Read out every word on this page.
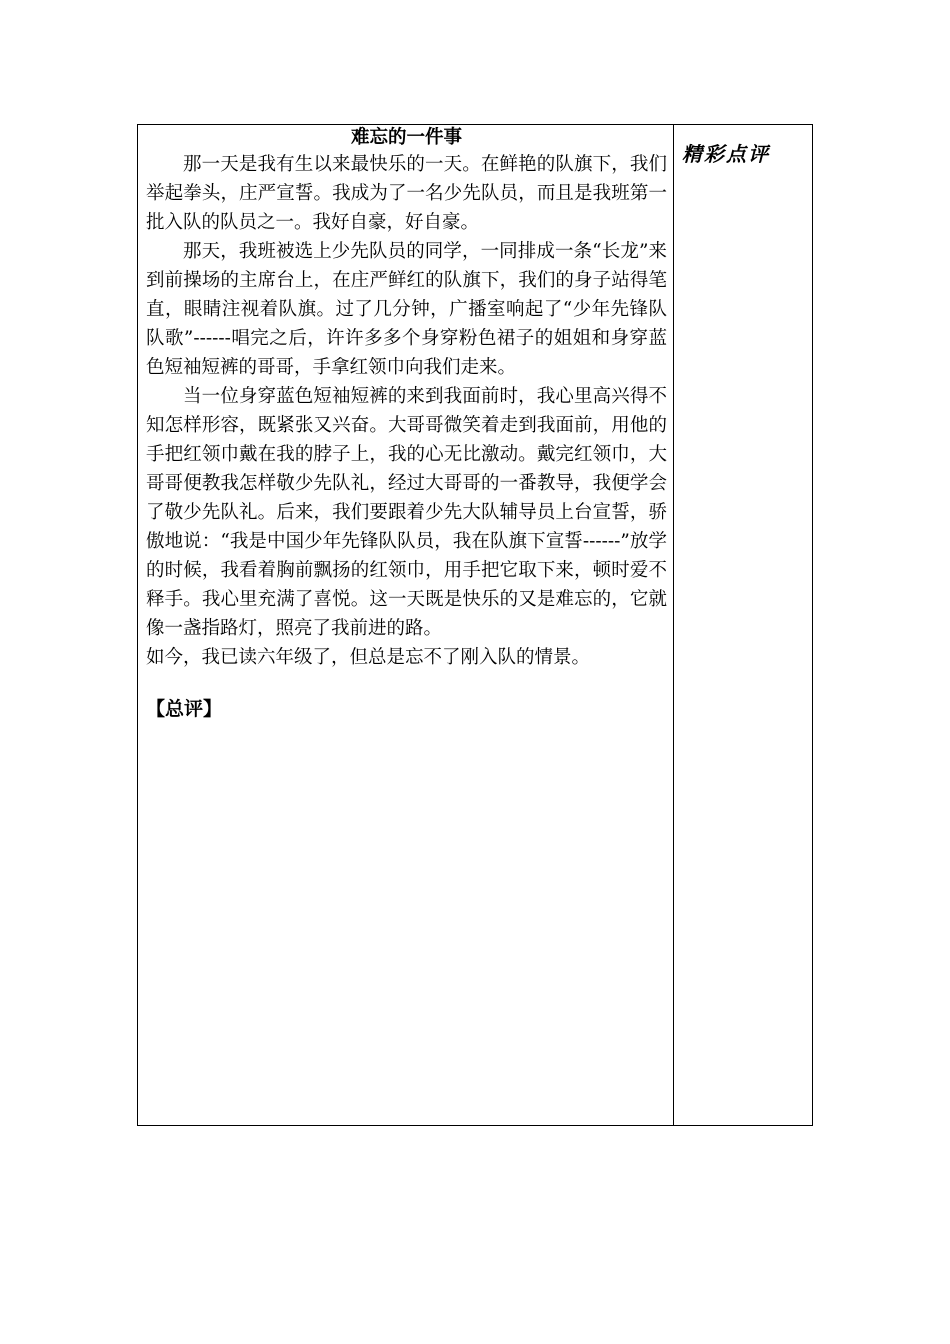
难忘的一件事

那一天是我有生以来最快乐的一天。在鲜艳的队旗下，我们举起拳头，庄严宣誓。我成为了一名少先队员，而且是我班第一批入队的队员之一。我好自豪，好自豪。

那天，我班被选上少先队员的同学，一同排成一条“长龙”来到前操场的主席台上，在庄严鲜红的队旗下，我们的身子站得笔直，眼睛注视着队旗。过了几分钟，广播室响起了“少年先锋队队歌”------唱完之后，许许多多个身穿粉色裙子的姐姐和身穿蓝色短袖短裤的哥哥，手拿红领巾向我们走来。

当一位身穿蓝色短袖短裤的来到我面前时，我心里高兴得不知怎样形容，既紧张又兴奋。大哥哥微笑着走到我面前，用他的手把红领巾戴在我的脖子上，我的心无比激动。戴完红领巾，大哥哥便教我怎样敬少先队礼，经过大哥哥的一番教导，我便学会了敬少先队礼。后来，我们要跟着少先大队辅导员上台宣誓，骄傲地说：“我是中国少年先锋队队员，我在队旗下宣誓------”放学的时候，我看着胸前飘扬的红领巾，用手把它取下来，顿时爱不释手。我心里充满了喜悦。这一天既是快乐的又是难忘的，它就像一盏指路灯，照亮了我前进的路。

如今，我已读六年级了，但总是忘不了刚入队的情景。

【总评】
精彩点评
